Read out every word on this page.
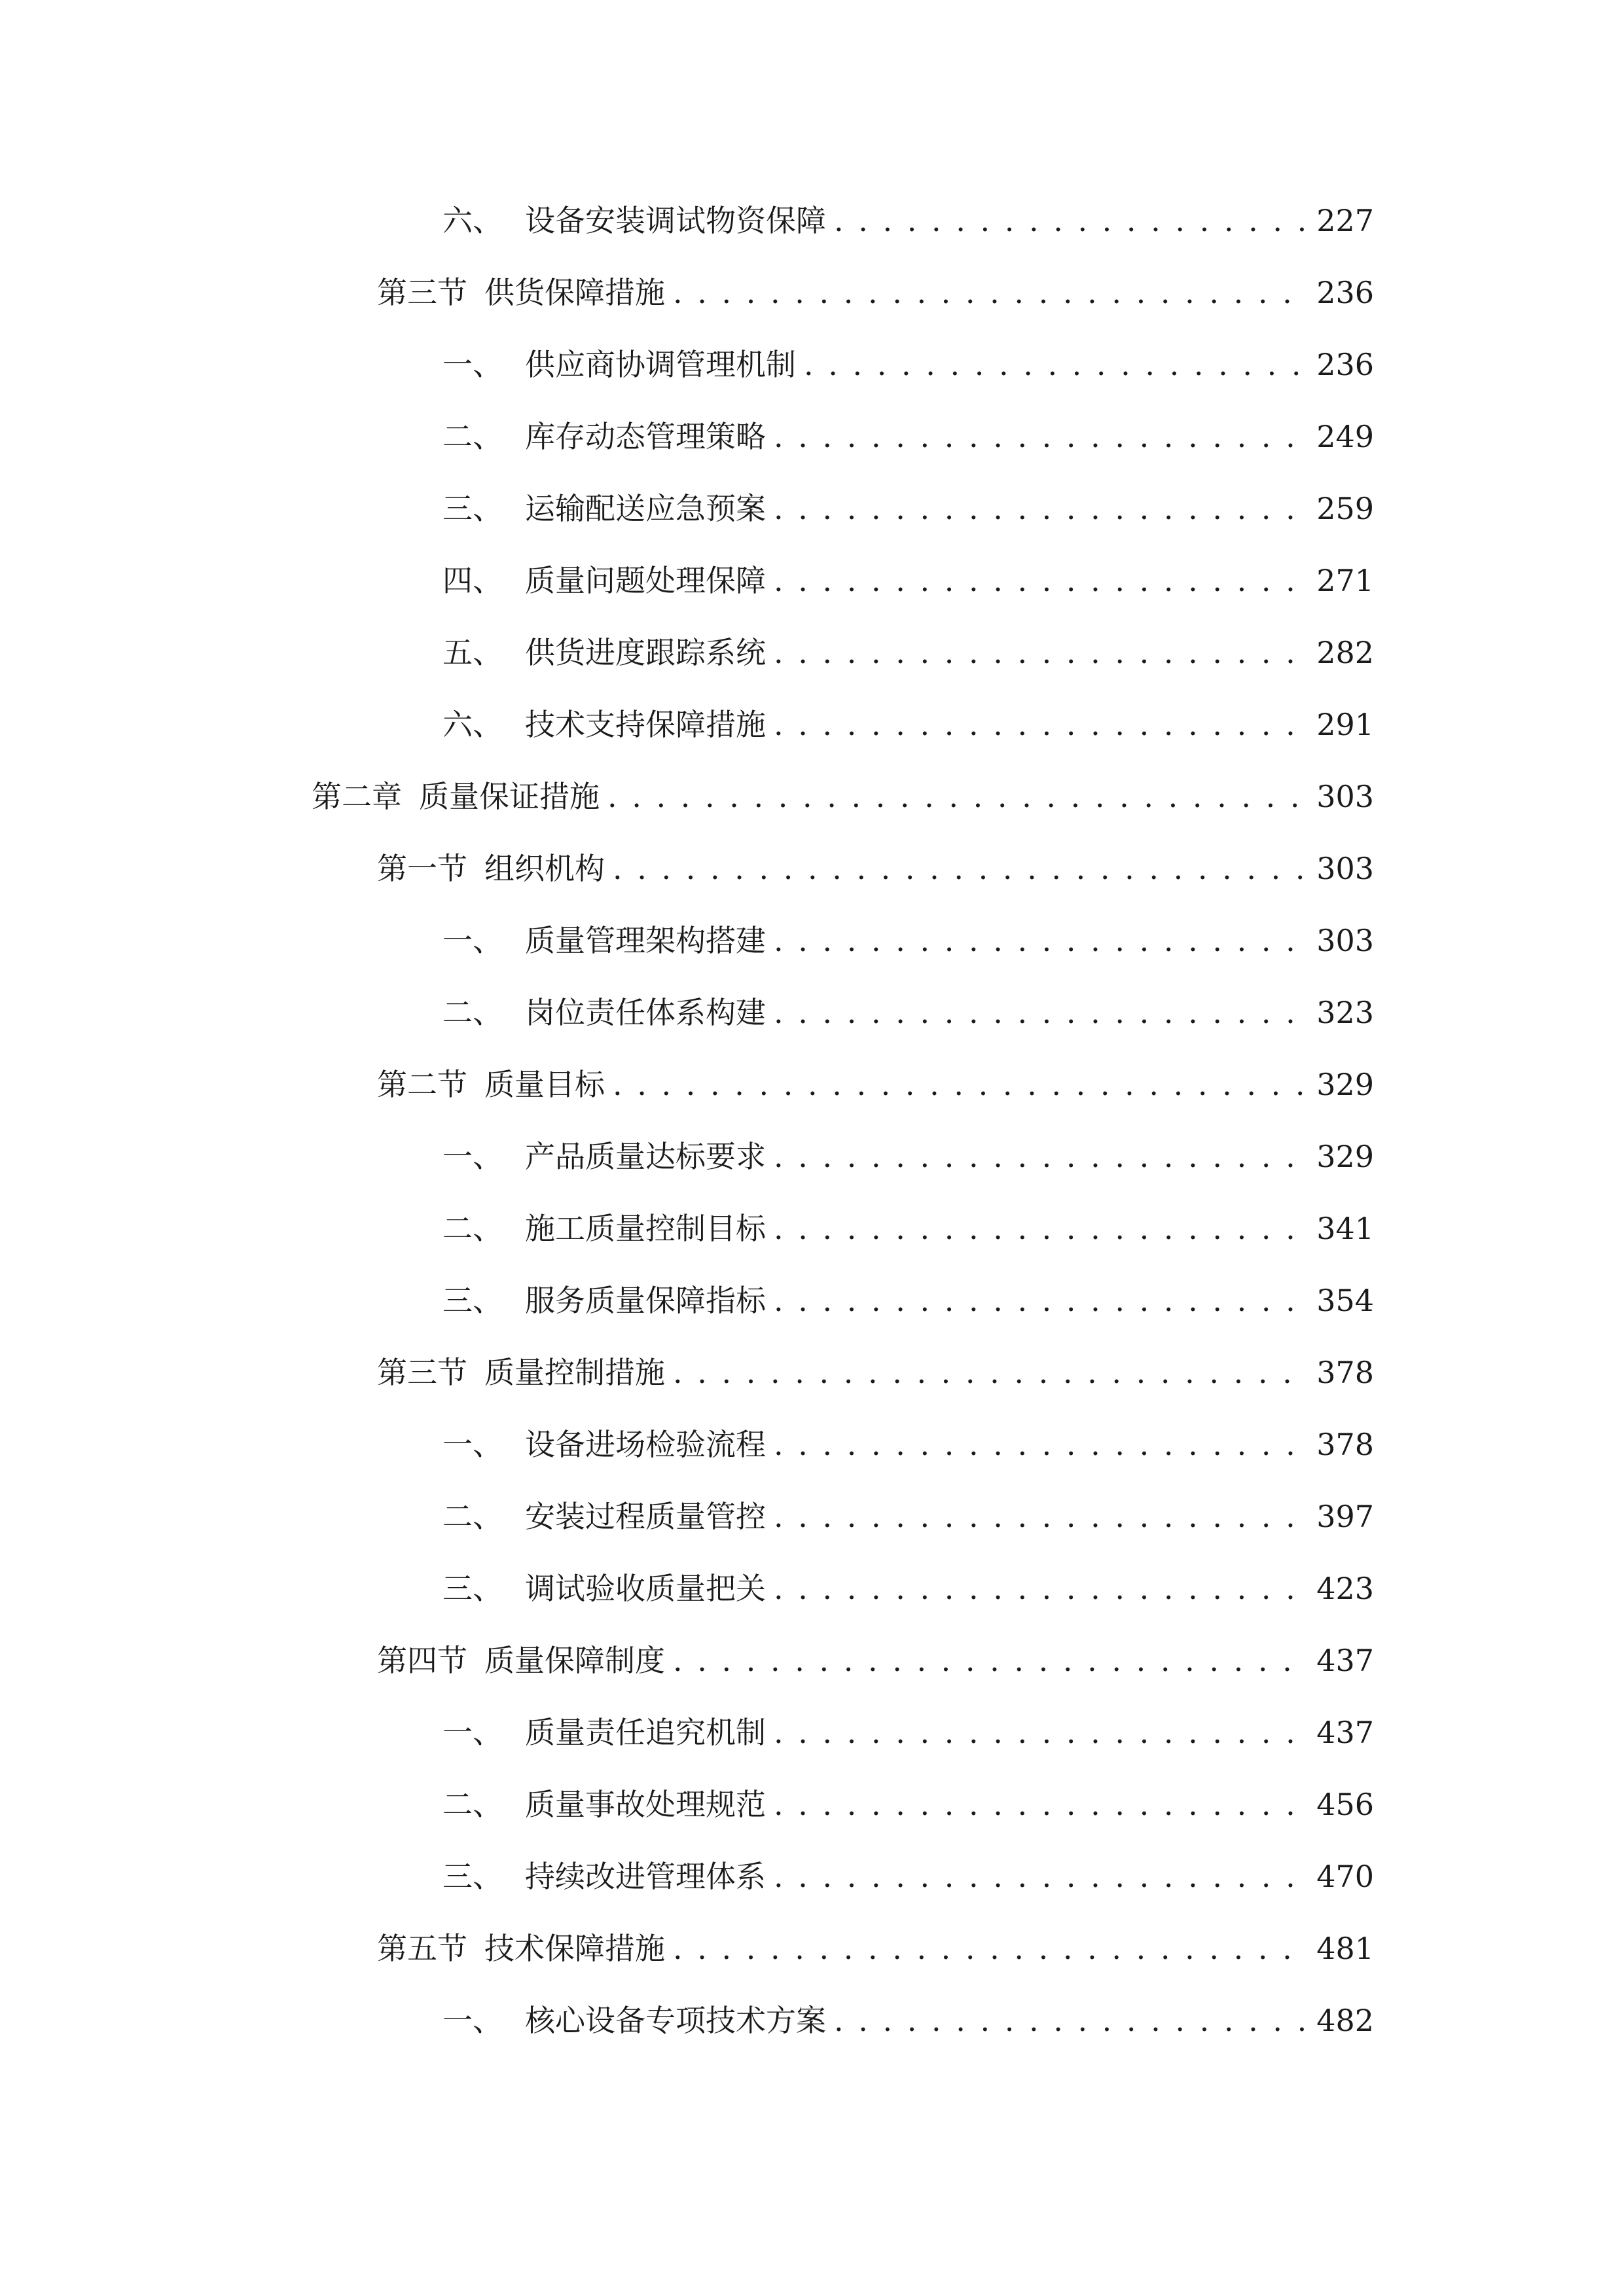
六、 设备安装调试物资保障 . . .	227
第三节 供货保障措施 . . .	236
一、 供应商协调管理机制 . . .	236
二、 库存动态管理策略 . . .	249
三、 运输配送应急预案 . . .	259
四、 质量问题处理保障 . . .	271
五、 供货进度跟踪系统 . . .	282
六、 技术支持保障措施 . . .	291
第二章 质量保证措施 . . .	303
第一节 组织机构 . . .	303
一、 质量管理架构搭建 . . .	303
二、 岗位责任体系构建 . . .	323
第二节 质量目标 . . .	329
一、 产品质量达标要求 . . .	329
二、 施工质量控制目标 . . .	341
三、 服务质量保障指标 . . .	354
第三节 质量控制措施 . . .	378
一、 设备进场检验流程 . . .	378
二、 安装过程质量管控 . . .	397
三、 调试验收质量把关 . . .	423
第四节 质量保障制度 . . .	437
一、 质量责任追究机制 . . .	437
二、 质量事故处理规范 . . .	456
三、 持续改进管理体系 . . .	470
第五节 技术保障措施 . . .	481
一、 核心设备专项技术方案 . . .	482
